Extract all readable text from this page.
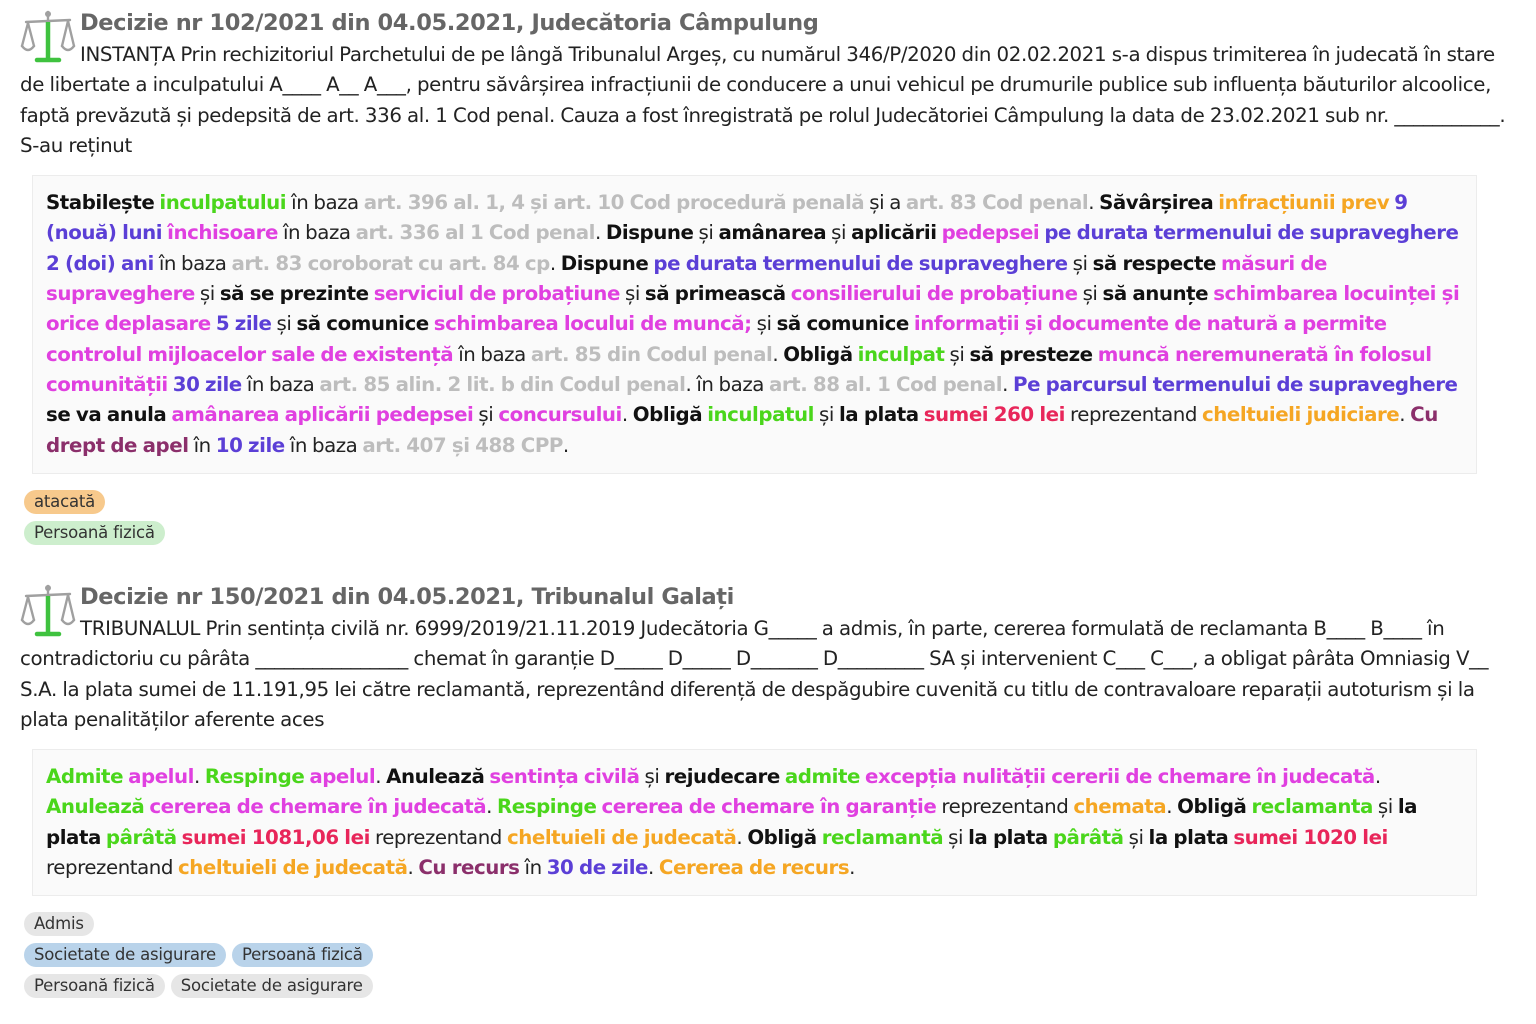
Decizie nr 102/2021 din 04.05.2021, Judecătoria Câmpulung

INSTANȚA Prin rechizitoriul Parchetului de pe lângă Tribunalul Argeș, cu numărul 346/P/2020 din 02.02.2021 s-a dispus trimiterea în judecată în stare de libertate a inculpatului A____ A__ A___, pentru săvârșirea infracțiunii de conducere a unui vehicul pe drumurile publice sub influența băuturilor alcoolice, faptă prevăzută și pedepsită de art. 336 al. 1 Cod penal. Cauza a fost înregistrată pe rolul Judecătoriei Câmpulung la data de 23.02.2021 sub nr. ___________. S-au reținut

Stabilește inculpatului în baza art. 396 al. 1, 4 și art. 10 Cod procedură penală și a art. 83 Cod penal. Săvârșirea infracțiunii prev 9 (nouă) luni închisoare în baza art. 336 al 1 Cod penal. Dispune și amânarea și aplicării pedepsei pe durata termenului de supraveghere 2 (doi) ani în baza art. 83 coroborat cu art. 84 cp. Dispune pe durata termenului de supraveghere și să respecte măsuri de supraveghere și să se prezinte serviciul de probațiune și să primească consilierului de probațiune și să anunțe schimbarea locuinței și orice deplasare 5 zile și să comunice schimbarea locului de muncă; și să comunice informații și documente de natură a permite controlul mijloacelor sale de existență în baza art. 85 din Codul penal. Obligă inculpat și să presteze muncă neremunerată în folosul comunității 30 zile în baza art. 85 alin. 2 lit. b din Codul penal. în baza art. 88 al. 1 Cod penal. Pe parcursul termenului de supraveghere se va anula amânarea aplicării pedepsei și concursului. Obligă inculpatul și la plata sumei 260 lei reprezentand cheltuieli judiciare. Cu drept de apel în 10 zile în baza art. 407 și 488 CPP.
atacată
Persoană fizică
Decizie nr 150/2021 din 04.05.2021, Tribunalul Galați

TRIBUNALUL Prin sentința civilă nr. 6999/2019/21.11.2019 Judecătoria G_____ a admis, în parte, cererea formulată de reclamanta B____ B____ în contradictoriu cu pârâta ________________ chemat în garanție D_____ D_____ D_______ D_________ SA și intervenient C___ C___, a obligat pârâta Omniasig V__ S.A. la plata sumei de 11.191,95 lei către reclamantă, reprezentând diferență de despăgubire cuvenită cu titlu de contravaloare reparații autoturism și la plata penalităților aferente aces

Admite apelul. Respinge apelul. Anulează sentința civilă și rejudecare admite excepția nulității cererii de chemare în judecată. Anulează cererea de chemare în judecată. Respinge cererea de chemare în garanție reprezentand chemata. Obligă reclamanta și la plata pârâtă sumei 1081,06 lei reprezentand cheltuieli de judecată. Obligă reclamantă și la plata pârâtă și la plata sumei 1020 lei reprezentand cheltuieli de judecată. Cu recurs în 30 de zile. Cererea de recurs.
Admis
Societate de asigurare Persoană fizică
Persoană fizică Societate de asigurare
